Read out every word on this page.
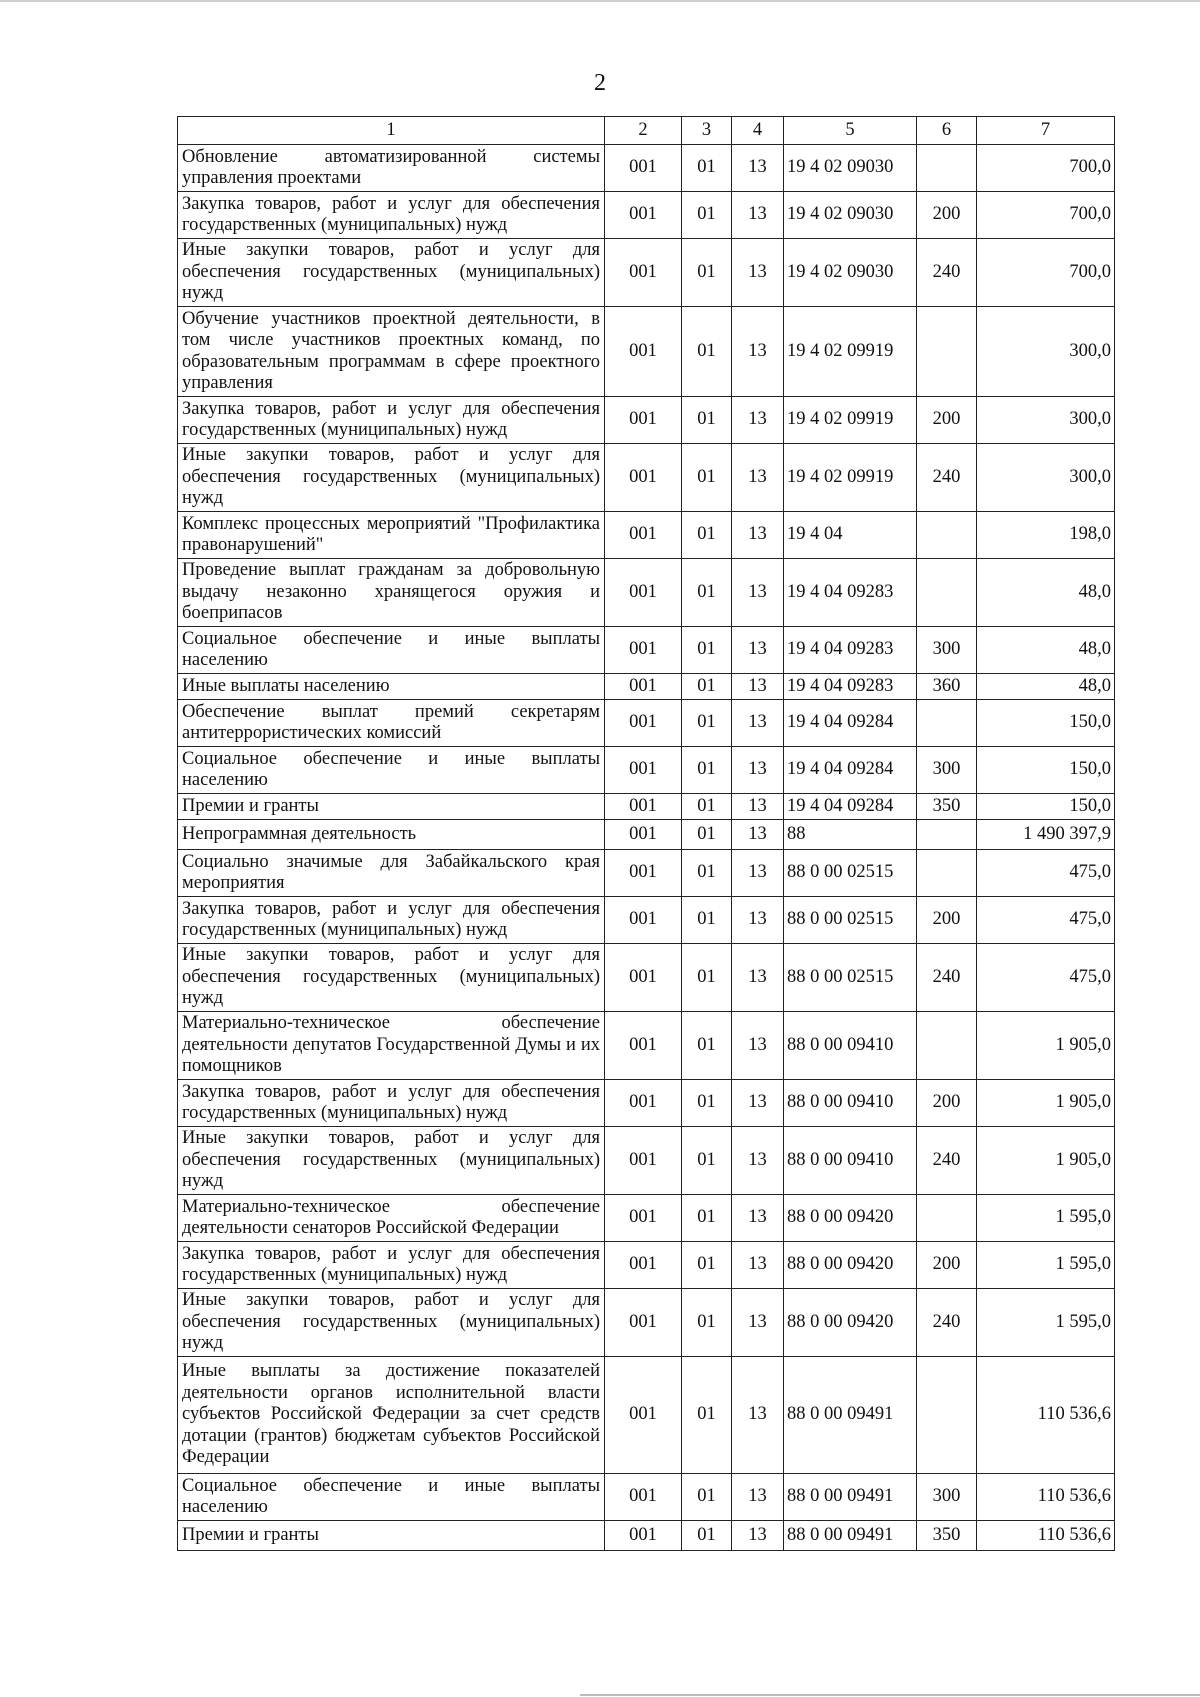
2
1	2	3	4	5	6	7
Обновление автоматизированной системы управления проектами	001	01	13	19 4 02 09030		700,0
Закупка товаров, работ и услуг для обеспечения государственных (муниципальных) нужд	001	01	13	19 4 02 09030	200	700,0
Иные закупки товаров, работ и услуг для обеспечения государственных (муниципальных) нужд	001	01	13	19 4 02 09030	240	700,0
Обучение участников проектной деятельности, в том числе участников проектных команд, по образовательным программам в сфере проектного управления	001	01	13	19 4 02 09919		300,0
Закупка товаров, работ и услуг для обеспечения государственных (муниципальных) нужд	001	01	13	19 4 02 09919	200	300,0
Иные закупки товаров, работ и услуг для обеспечения государственных (муниципальных) нужд	001	01	13	19 4 02 09919	240	300,0
Комплекс процессных мероприятий "Профилактика правонарушений"	001	01	13	19 4 04		198,0
Проведение выплат гражданам за добровольную выдачу незаконно хранящегося оружия и боеприпасов	001	01	13	19 4 04 09283		48,0
Социальное обеспечение и иные выплаты населению	001	01	13	19 4 04 09283	300	48,0
Иные выплаты населению	001	01	13	19 4 04 09283	360	48,0
Обеспечение выплат премий секретарям антитеррористических комиссий	001	01	13	19 4 04 09284		150,0
Социальное обеспечение и иные выплаты населению	001	01	13	19 4 04 09284	300	150,0
Премии и гранты	001	01	13	19 4 04 09284	350	150,0
Непрограммная деятельность	001	01	13	88		1 490 397,9
Социально значимые для Забайкальского края мероприятия	001	01	13	88 0 00 02515		475,0
Закупка товаров, работ и услуг для обеспечения государственных (муниципальных) нужд	001	01	13	88 0 00 02515	200	475,0
Иные закупки товаров, работ и услуг для обеспечения государственных (муниципальных) нужд	001	01	13	88 0 00 02515	240	475,0
Материально-техническое обеспечение деятельности депутатов Государственной Думы и их помощников	001	01	13	88 0 00 09410		1 905,0
Закупка товаров, работ и услуг для обеспечения государственных (муниципальных) нужд	001	01	13	88 0 00 09410	200	1 905,0
Иные закупки товаров, работ и услуг для обеспечения государственных (муниципальных) нужд	001	01	13	88 0 00 09410	240	1 905,0
Материально-техническое обеспечение деятельности сенаторов Российской Федерации	001	01	13	88 0 00 09420		1 595,0
Закупка товаров, работ и услуг для обеспечения государственных (муниципальных) нужд	001	01	13	88 0 00 09420	200	1 595,0
Иные закупки товаров, работ и услуг для обеспечения государственных (муниципальных) нужд	001	01	13	88 0 00 09420	240	1 595,0
Иные выплаты за достижение показателей деятельности органов исполнительной власти субъектов Российской Федерации за счет средств дотации (грантов) бюджетам субъектов Российской Федерации	001	01	13	88 0 00 09491		110 536,6
Социальное обеспечение и иные выплаты населению	001	01	13	88 0 00 09491	300	110 536,6
Премии и гранты	001	01	13	88 0 00 09491	350	110 536,6
